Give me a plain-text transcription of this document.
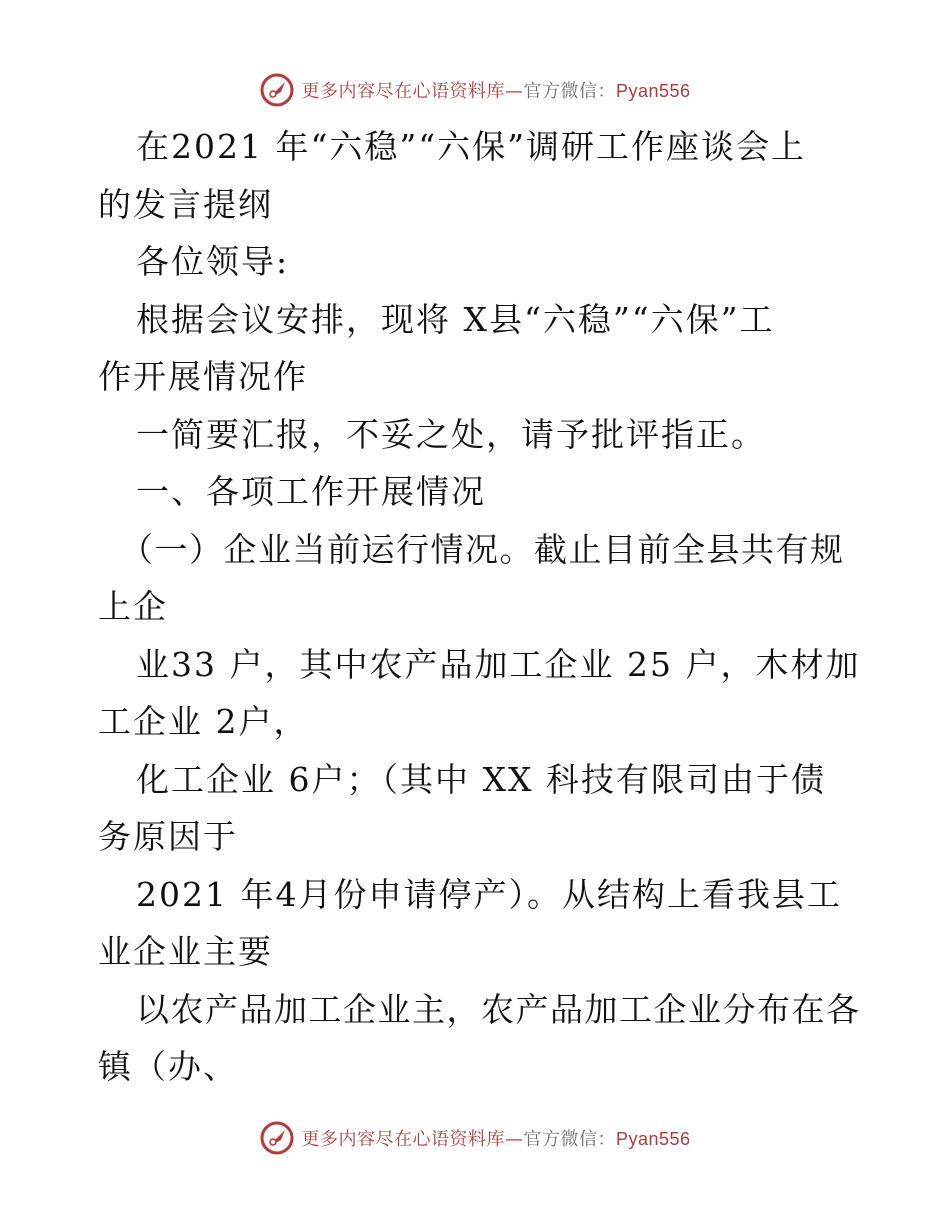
更多内容尽在心语资料库—官方微信：Pyan556
在2021 年“六稳”“六保”调研工作座谈会上
的发言提纲
各位领导:
根据会议安排，现将 X县“六稳”“六保”工
作开展情况作
一简要汇报，不妥之处，请予批评指正。
一、各项工作开展情况
（一）企业当前运行情况。截止目前全县共有规
上企
业33 户，其中农产品加工企业 25 户，木材加
工企业 2户，
化工企业 6户；（其中 XX 科技有限司由于债
务原因于
2021 年4月份申请停产）。从结构上看我县工
业企业主要
以农产品加工企业主，农产品加工企业分布在各
镇（办、
更多内容尽在心语资料库—官方微信：Pyan556
